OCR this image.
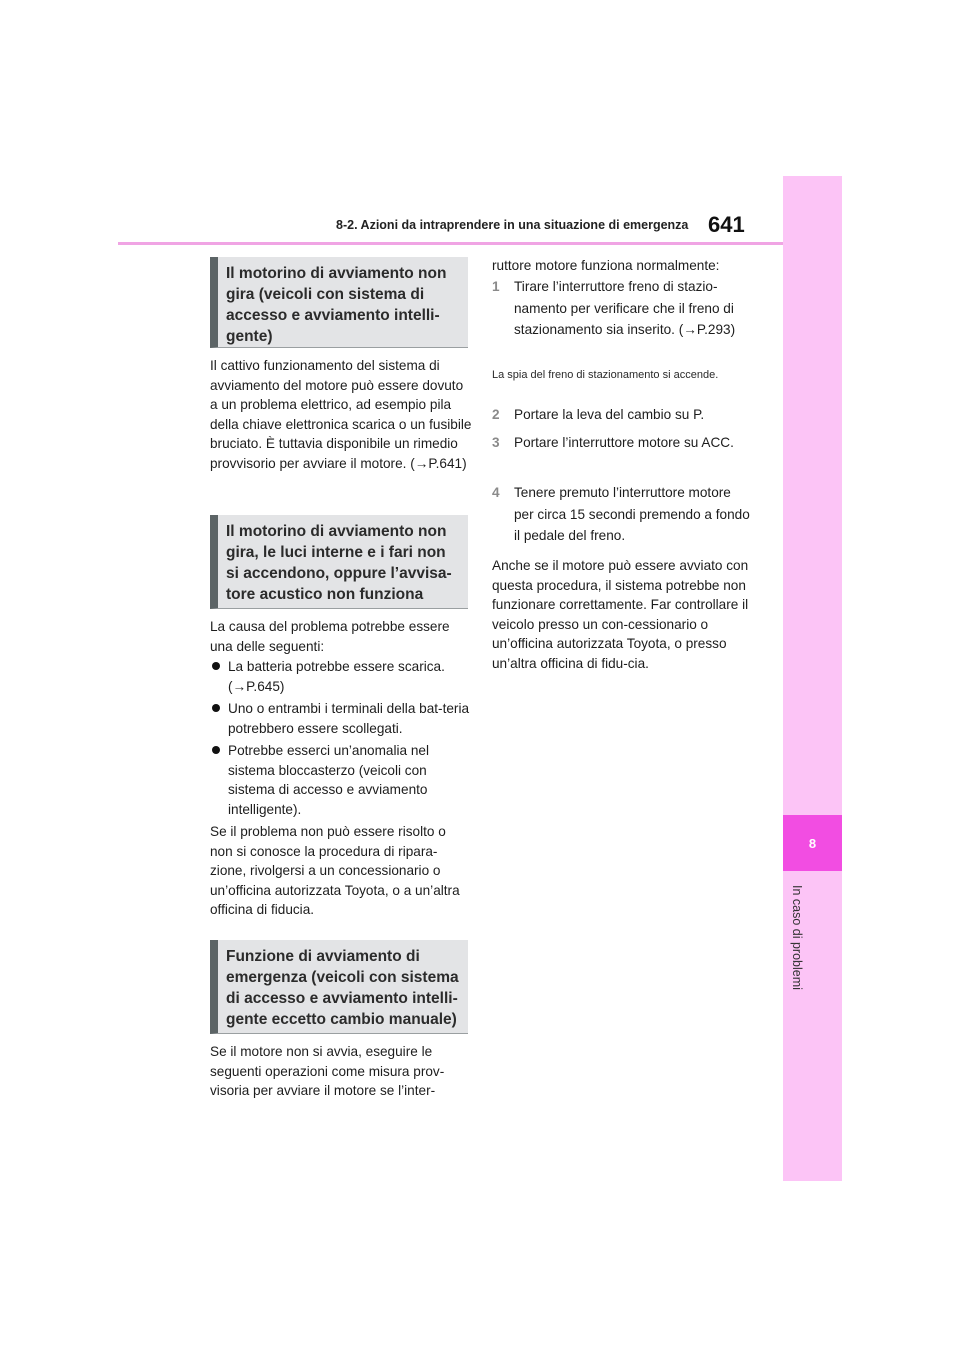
8-2. Azioni da intraprendere in una situazione di emergenza 641
8
In caso di problemi
Il motorino di avviamento non gira (veicoli con sistema di accesso e avviamento intelli-gente)
Il cattivo funzionamento del sistema di avviamento del motore può essere dovuto a un problema elettrico, ad esempio pila della chiave elettronica scarica o un fusibile bruciato. È tuttavia disponibile un rimedio provvisorio per avviare il motore. (→P.641)
Il motorino di avviamento non gira, le luci interne e i fari non si accendono, oppure l’avvisa-tore acustico non funziona
La causa del problema potrebbe essere una delle seguenti:
La batteria potrebbe essere scarica. (→P.645)
Uno o entrambi i terminali della bat-teria potrebbero essere scollegati.
Potrebbe esserci un’anomalia nel sistema bloccasterzo (veicoli con sistema di accesso e avviamento intelligente).
Se il problema non può essere risolto o non si conosce la procedura di ripara-zione, rivolgersi a un concessionario o un’officina autorizzata Toyota, o a un’altra officina di fiducia.
Funzione di avviamento di emergenza (veicoli con sistema di accesso e avviamento intelli-gente eccetto cambio manuale)
Se il motore non si avvia, eseguire le seguenti operazioni come misura prov-visoria per avviare il motore se l’inter-
ruttore motore funziona normalmente:
1 Tirare l’interruttore freno di stazio-namento per verificare che il freno di stazionamento sia inserito. (→P.293)
La spia del freno di stazionamento si accende.
2 Portare la leva del cambio su P.
3 Portare l’interruttore motore su ACC.
4 Tenere premuto l’interruttore motore per circa 15 secondi premendo a fondo il pedale del freno.
Anche se il motore può essere avviato con questa procedura, il sistema potrebbe non funzionare correttamente. Far controllare il veicolo presso un con-cessionario o un’officina autorizzata Toyota, o presso un’altra officina di fidu-cia.
